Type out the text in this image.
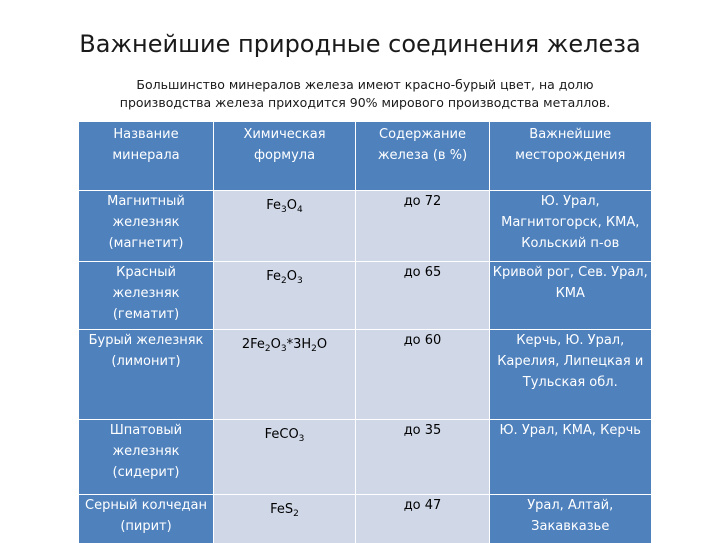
Важнейшие природные соединения железа
Большинство минералов железа имеют красно-бурый цвет, на долю производства железа приходится 90% мирового производства металлов.
Название минерала	Химическая формула	Содержание железа (в %)	Важнейшие месторождения
Магнитный железняк (магнетит)	$Fe_3O_4$	до 72	Ю. Урал, Магнитогорск, КМА, Кольский п-ов
Красный железняк (гематит)	$Fe_2O_3$	до 65	Кривой рог, Сев. Урал, КМА
Бурый железняк (лимонит)	$2Fe_2O_3*3H_2O$	до 60	Керчь, Ю. Урал, Карелия, Липецкая и Тульская обл.
Шпатовый железняк (сидерит)	FeCO$_3$	до 35	Ю. Урал, КМА, Керчь
Серный колчедан (пирит)	FeS$_2$	до 47	Урал, Алтай, Закавказье
